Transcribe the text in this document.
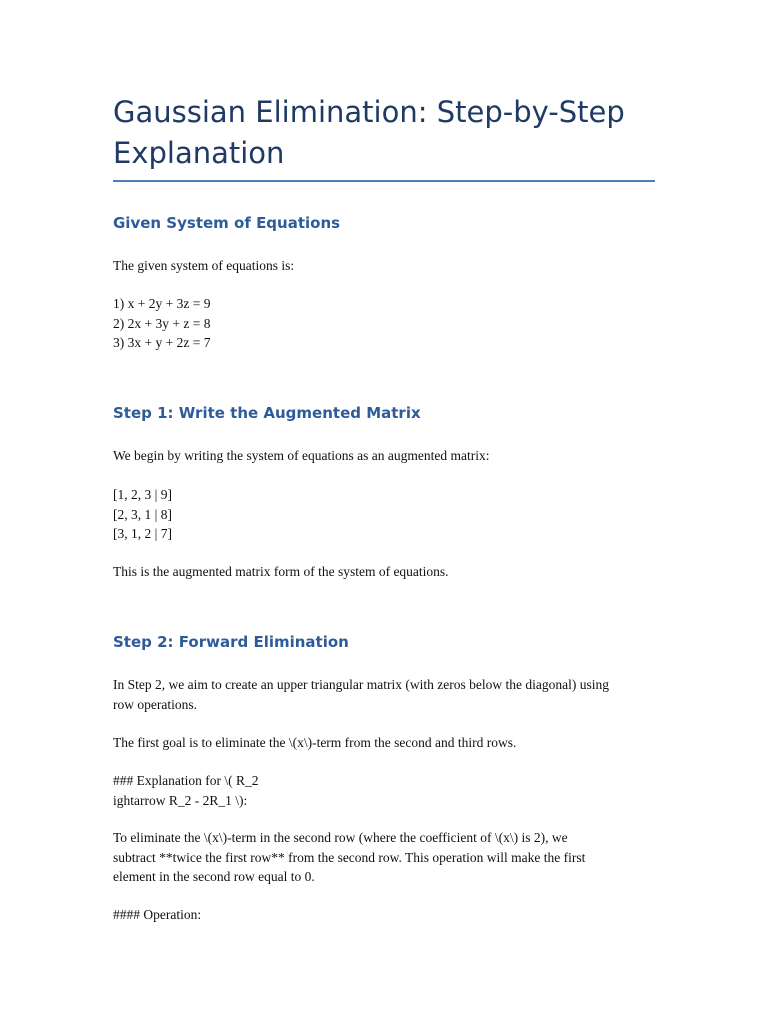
Gaussian Elimination: Step-by-Step
Explanation
Given System of Equations

The given system of equations is:

1) x + 2y + 3z = 9
2) 2x + 3y + z = 8
3) 3x + y + 2z = 7

Step 1: Write the Augmented Matrix

We begin by writing the system of equations as an augmented matrix:

[1, 2, 3 | 9]
[2, 3, 1 | 8]
[3, 1, 2 | 7]

This is the augmented matrix form of the system of equations.

Step 2: Forward Elimination

In Step 2, we aim to create an upper triangular matrix (with zeros below the diagonal) using
row operations.

The first goal is to eliminate the \(x\)-term from the second and third rows.

### Explanation for \( R_2
ightarrow R_2 - 2R_1 \):

To eliminate the \(x\)-term in the second row (where the coefficient of \(x\) is 2), we
subtract **twice the first row** from the second row. This operation will make the first
element in the second row equal to 0.

#### Operation:
